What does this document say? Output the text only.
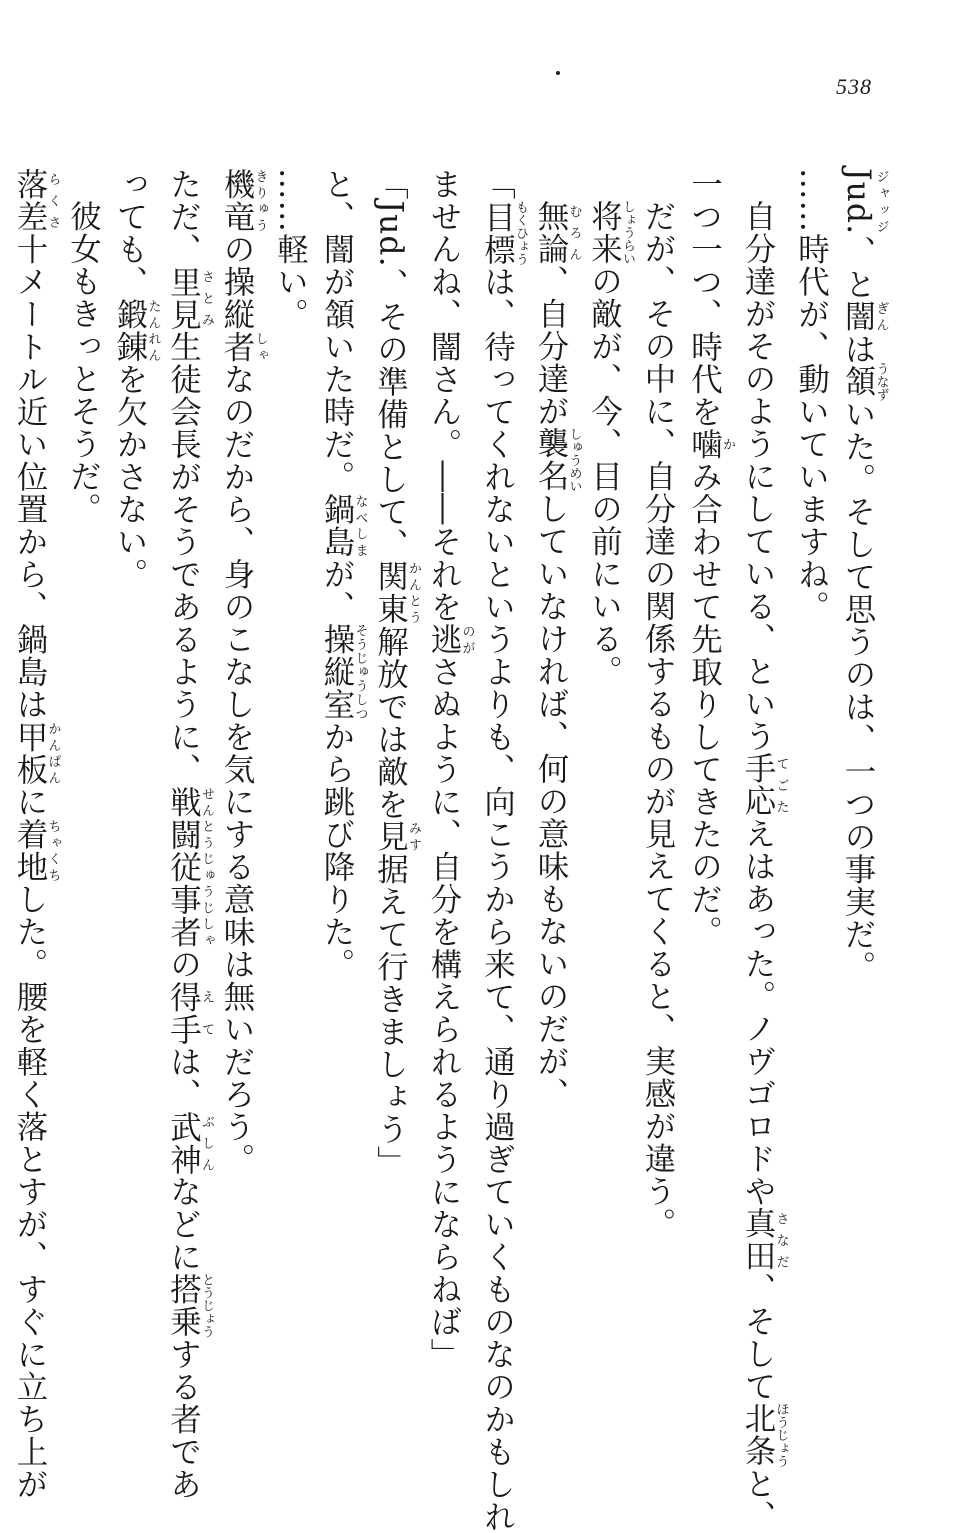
538

Jud.ジャッジ、と闇ぎんは頷うなずいた。そして思うのは、一つの事実だ。

……時代が、動いていますね。

自分達がそのようにしている、という手応てごたえはあった。ノヴゴロドや真田さなだ、そして北条ほうじょうと、

一つ一つ、時代を噛かみ合わせて先取りしてきたのだ。

だが、その中に、自分達の関係するものが見えてくると、実感が違う。

将来しょうらいの敵が、今、目の前にいる。

無論むろん、自分達が襲名しゅうめいしていなければ、何の意味もないのだが、

「目標もくひょうは、待ってくれないというよりも、向こうから来て、通り過ぎていくものなのかもしれ

ませんね、闇さん。――それを逃のがさぬように、自分を構えられるようにならねば」

「Jud.、その準備として、関東かんとう解放では敵を見みす据えて行きましょう」

と、闇が頷いた時だ。鍋島なべしまが、操縦室そうじゅうしつから跳び降りた。

……軽い。

機竜きりゅうの操縦者しゃなのだから、身のこなしを気にする意味は無いだろう。

ただ、里見さとみ生徒会長がそうであるように、戦闘従事者せんとうじゅうじしゃの得手えては、武神ぶしんなどに搭乗とうじょうする者であ

っても、鍛錬たんれんを欠かさない。

彼女もきっとそうだ。

落差らくさ十メートル近い位置から、鍋島は甲板かんぱんに着地ちゃくちした。腰を軽く落とすが、すぐに立ち上が
